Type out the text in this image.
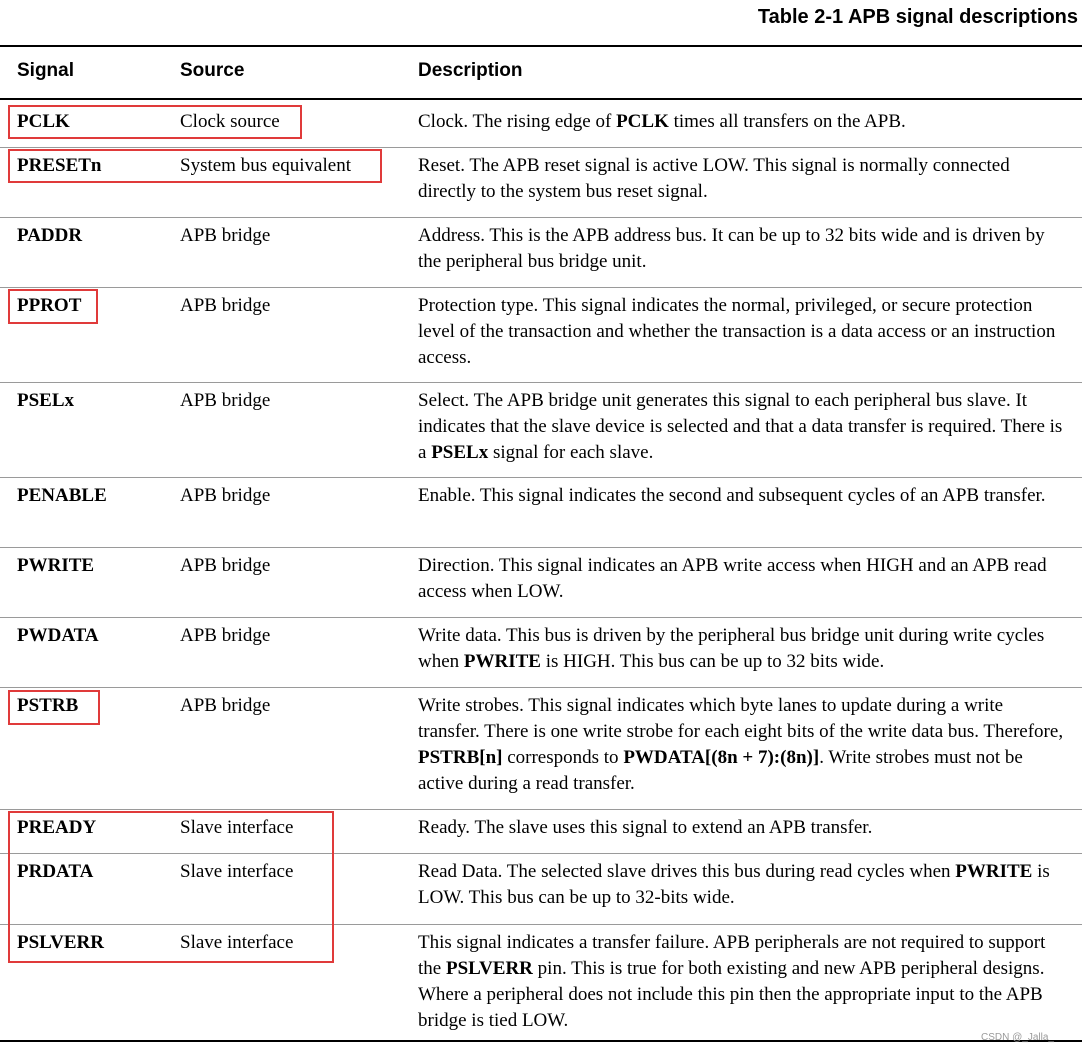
Table 2-1 APB signal descriptions
Signal	Source	Description
PCLK	Clock source	Clock. The rising edge of PCLK times all transfers on the APB.
PRESETn	System bus equivalent	Reset. The APB reset signal is active LOW. This signal is normally connected directly to the system bus reset signal.
PADDR	APB bridge	Address. This is the APB address bus. It can be up to 32 bits wide and is driven by the peripheral bus bridge unit.
PPROT	APB bridge	Protection type. This signal indicates the normal, privileged, or secure protection level of the transaction and whether the transaction is a data access or an instruction access.
PSELx	APB bridge	Select. The APB bridge unit generates this signal to each peripheral bus slave. It indicates that the slave device is selected and that a data transfer is required. There is a PSELx signal for each slave.
PENABLE	APB bridge	Enable. This signal indicates the second and subsequent cycles of an APB transfer.
PWRITE	APB bridge	Direction. This signal indicates an APB write access when HIGH and an APB read access when LOW.
PWDATA	APB bridge	Write data. This bus is driven by the peripheral bus bridge unit during write cycles when PWRITE is HIGH. This bus can be up to 32 bits wide.
PSTRB	APB bridge	Write strobes. This signal indicates which byte lanes to update during a write transfer. There is one write strobe for each eight bits of the write data bus. Therefore, PSTRB[n] corresponds to PWDATA[(8n + 7):(8n)]. Write strobes must not be active during a read transfer.
PREADY	Slave interface	Ready. The slave uses this signal to extend an APB transfer.
PRDATA	Slave interface	Read Data. The selected slave drives this bus during read cycles when PWRITE is LOW. This bus can be up to 32-bits wide.
PSLVERR	Slave interface	This signal indicates a transfer failure. APB peripherals are not required to support the PSLVERR pin. This is true for both existing and new APB peripheral designs. Where a peripheral does not include this pin then the appropriate input to the APB bridge is tied LOW.
CSDN @_Jalla_
